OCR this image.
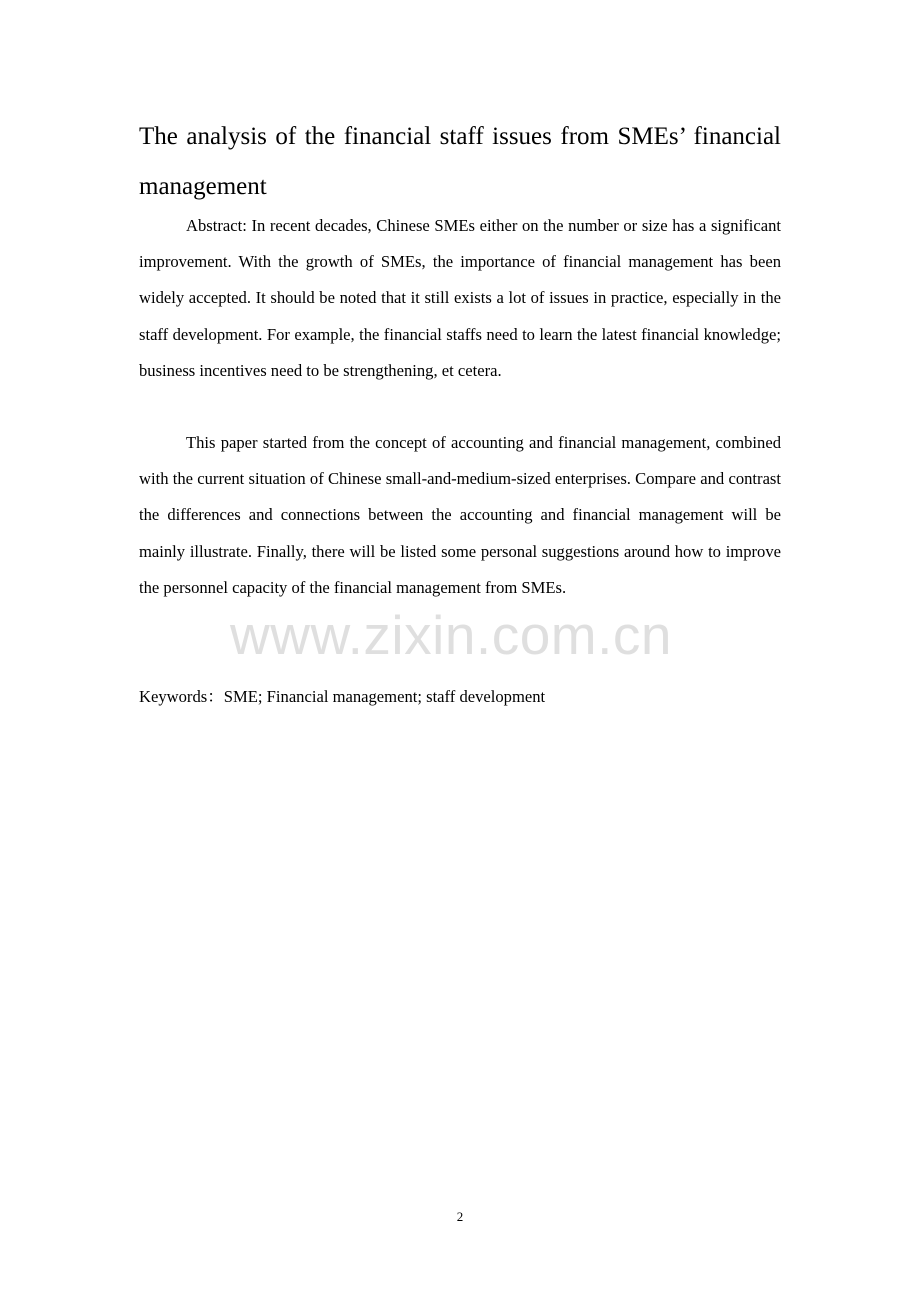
The analysis of the financial staff issues from SMEs’ financial management

Abstract: In recent decades, Chinese SMEs either on the number or size has a significant improvement. With the growth of SMEs, the importance of financial management has been widely accepted. It should be noted that it still exists a lot of issues in practice, especially in the staff development. For example, the financial staffs need to learn the latest financial knowledge; business incentives need to be strengthening, et cetera.

This paper started from the concept of accounting and financial management, combined with the current situation of Chinese small-and-medium-sized enterprises. Compare and contrast the differences and connections between the accounting and financial management will be mainly illustrate. Finally, there will be listed some personal suggestions around how to improve the personnel capacity of the financial management from SMEs.

www.zixin.com.cn

Keywords：SME; Financial management; staff development

2
